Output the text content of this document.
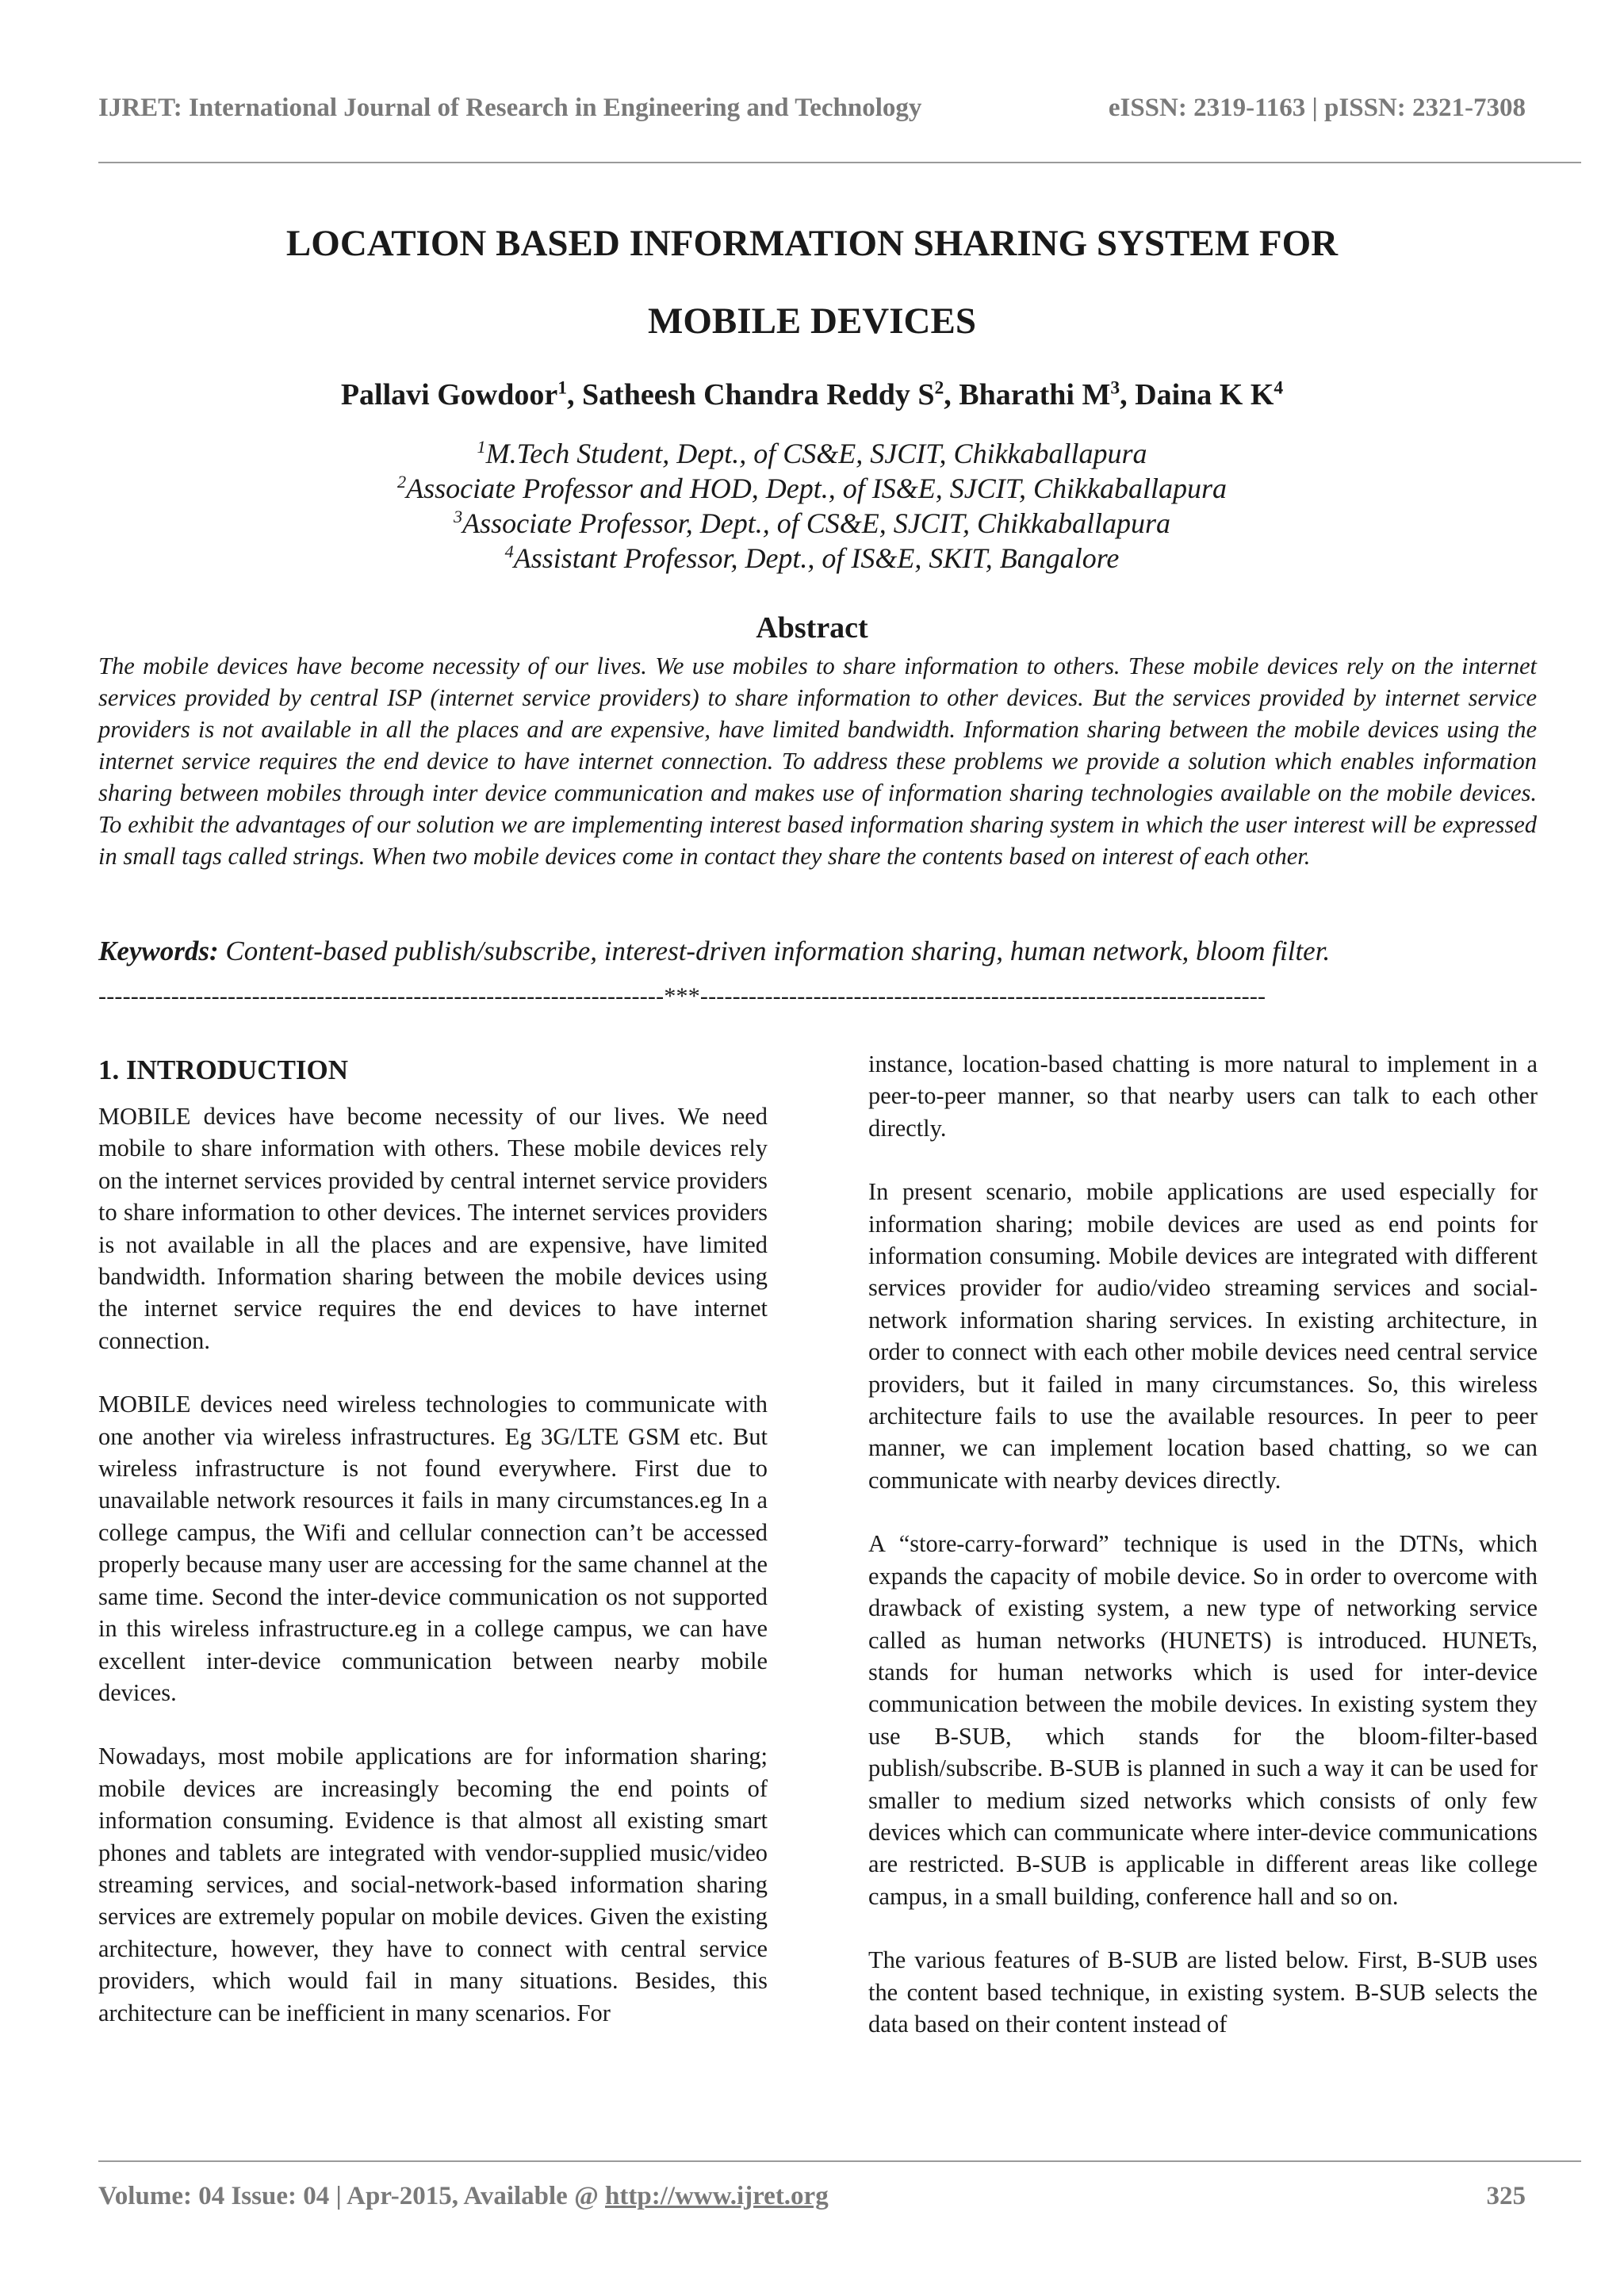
IJRET: International Journal of Research in Engineering and Technology	eISSN: 2319-1163 | pISSN: 2321-7308
LOCATION BASED INFORMATION SHARING SYSTEM FOR
MOBILE DEVICES
Pallavi Gowdoor$^1$, Satheesh Chandra Reddy $S^2$, Bharathi $M^3$, Daina K $K^4$
$^1$M.Tech Student, Dept., of CS&E, SJCIT, Chikkaballapura
$^2$Associate Professor and HOD, Dept., of IS&E, SJCIT, Chikkaballapura
$^3$Associate Professor, Dept., of CS&E, SJCIT, Chikkaballapura
$^4$Assistant Professor, Dept., of IS&E, SKIT, Bangalore
Abstract
The mobile devices have become necessity of our lives. We use mobiles to share information to others. These mobile devices rely on the internet services provided by central ISP (internet service providers) to share information to other devices. But the services provided by internet service providers is not available in all the places and are expensive, have limited bandwidth. Information sharing between the mobile devices using the internet service requires the end device to have internet connection. To address these problems we provide a solution which enables information sharing between mobiles through inter device communication and makes use of information sharing technologies available on the mobile devices. To exhibit the advantages of our solution we are implementing interest based information sharing system in which the user interest will be expressed in small tags called strings. When two mobile devices come in contact they share the contents based on interest of each other.
Keywords: Content-based publish/subscribe, interest-driven information sharing, human network, bloom filter.
----------------------------------------------------------------------***----------------------------------------------------------------------
1. INTRODUCTION

MOBILE devices have become necessity of our lives. We need mobile to share information with others. These mobile devices rely on the internet services provided by central internet service providers to share information to other devices. The internet services providers is not available in all the places and are expensive, have limited bandwidth. Information sharing between the mobile devices using the internet service requires the end devices to have internet connection.

MOBILE devices need wireless technologies to communicate with one another via wireless infrastructures. Eg 3G/LTE GSM etc. But wireless infrastructure is not found everywhere. First due to unavailable network resources it fails in many circumstances.eg In a college campus, the Wifi and cellular connection can’t be accessed properly because many user are accessing for the same channel at the same time. Second the inter-device communication os not supported in this wireless infrastructure.eg in a college campus, we can have excellent inter-device communication between nearby mobile devices.

Nowadays, most mobile applications are for information sharing; mobile devices are increasingly becoming the end points of information consuming. Evidence is that almost all existing smart phones and tablets are integrated with vendor-supplied music/video streaming services, and social-network-based information sharing services are extremely popular on mobile devices. Given the existing architecture, however, they have to connect with central service providers, which would fail in many situations. Besides, this architecture can be inefficient in many scenarios. For

instance, location-based chatting is more natural to implement in a peer-to-peer manner, so that nearby users can talk to each other directly.

In present scenario, mobile applications are used especially for information sharing; mobile devices are used as end points for information consuming. Mobile devices are integrated with different services provider for audio/video streaming services and social-network information sharing services. In existing architecture, in order to connect with each other mobile devices need central service providers, but it failed in many circumstances. So, this wireless architecture fails to use the available resources. In peer to peer manner, we can implement location based chatting, so we can communicate with nearby devices directly.

A “store-carry-forward” technique is used in the DTNs, which expands the capacity of mobile device. So in order to overcome with drawback of existing system, a new type of networking service called as human networks (HUNETS) is introduced. HUNETs, stands for human networks which is used for inter-device communication between the mobile devices. In existing system they use B-SUB, which stands for the bloom-filter-based publish/subscribe. B-SUB is planned in such a way it can be used for smaller to medium sized networks which consists of only few devices which can communicate where inter-device communications are restricted. B-SUB is applicable in different areas like college campus, in a small building, conference hall and so on.

The various features of B-SUB are listed below. First, B-SUB uses the content based technique, in existing system. B-SUB selects the data based on their content instead of

Volume: 04 Issue: 04 | Apr-2015, Available @ http://www.ijret.org	325
